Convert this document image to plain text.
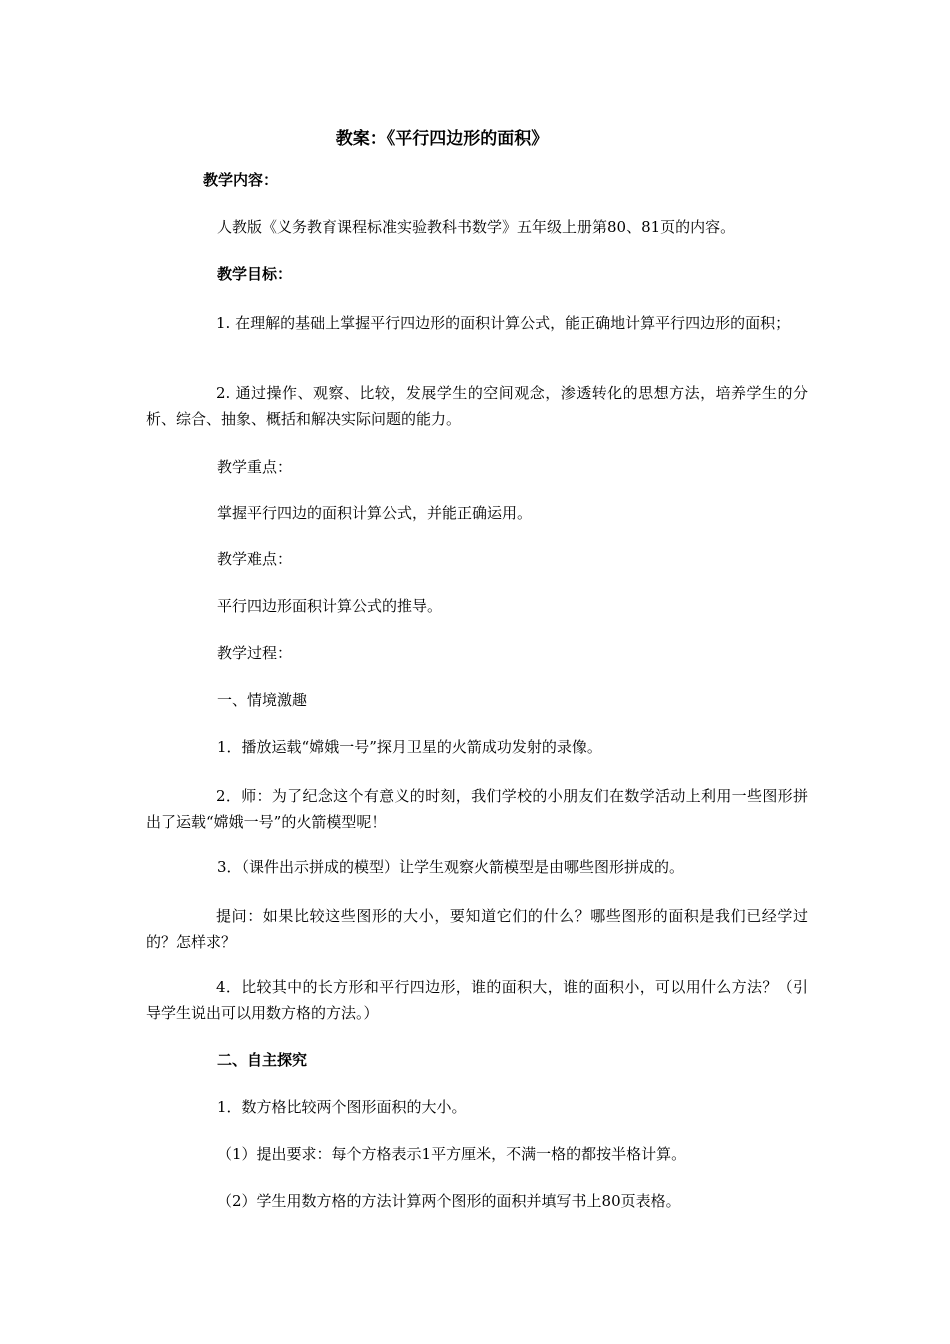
教案：《平行四边形的面积》
教学内容：
人教版《义务教育课程标准实验教科书数学》五年级上册第80、81页的内容。
教学目标：
1. 在理解的基础上掌握平行四边形的面积计算公式，能正确地计算平行四边形的面积；
2. 通过操作、观察、比较，发展学生的空间观念，渗透转化的思想方法，培养学生的分析、综合、抽象、概括和解决实际问题的能力。
教学重点：
掌握平行四边的面积计算公式，并能正确运用。
教学难点：
平行四边形面积计算公式的推导。
教学过程：
一、情境激趣
1．播放运载“嫦娥一号”探月卫星的火箭成功发射的录像。
2．师：为了纪念这个有意义的时刻，我们学校的小朋友们在数学活动上利用一些图形拼出了运载“嫦娥一号”的火箭模型呢！
3．（课件出示拼成的模型）让学生观察火箭模型是由哪些图形拼成的。
提问：如果比较这些图形的大小，要知道它们的什么？哪些图形的面积是我们已经学过的？怎样求？
4．比较其中的长方形和平行四边形，谁的面积大，谁的面积小，可以用什么方法？（引导学生说出可以用数方格的方法。）
二、自主探究
1．数方格比较两个图形面积的大小。
（1）提出要求：每个方格表示1平方厘米，不满一格的都按半格计算。
（2）学生用数方格的方法计算两个图形的面积并填写书上80页表格。
